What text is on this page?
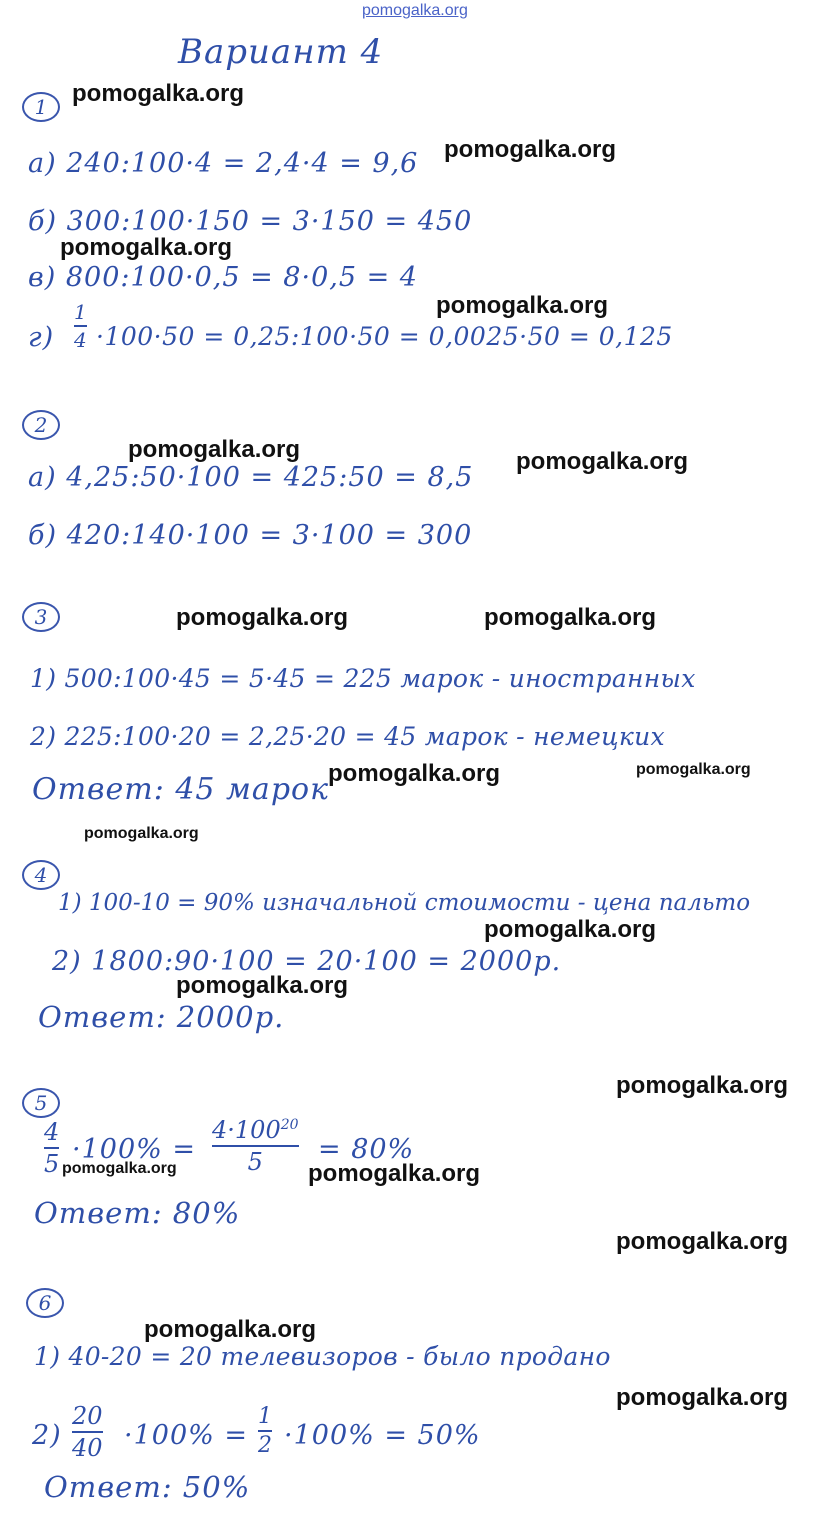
pomogalka.org
Вариант 4
1
а) 240:100·4 = 2,4·4 = 9,6
б) 300:100·150 = 3·150 = 450
в) 800:100·0,5 = 8·0,5 = 4
г)
1
4 ·100·50 = 0,25:100·50 = 0,0025·50 = 0,125
2
а) 4,25:50·100 = 425:50 = 8,5
б) 420:140·100 = 3·100 = 300
3
1) 500:100·45 = 5·45 = 225 марок - иностранных
2) 225:100·20 = 2,25·20 = 45 марок - немецких
Ответ: 45 марок
4
1) 100-10 = 90% изначальной стоимости - цена пальто
2) 1800:90·100 = 20·100 = 2000р.
Ответ: 2000р.
5
4
5 ·100% =
$4\cdot 100^{20}$
5 = 80%
Ответ: 80%
6
1) 40-20 = 20 телевизоров - было продано
2)
20
40 ·100% =
1
2 ·100% = 50%
Ответ: 50%
pomogalka.org
pomogalka.org
pomogalka.org
pomogalka.org
pomogalka.org	pomogalka.org
pomogalka.org	pomogalka.org
pomogalka.org	pomogalka.org
pomogalka.org
pomogalka.org
pomogalka.org
pomogalka.org
pomogalka.org	pomogalka.org
pomogalka.org
pomogalka.org
pomogalka.org
